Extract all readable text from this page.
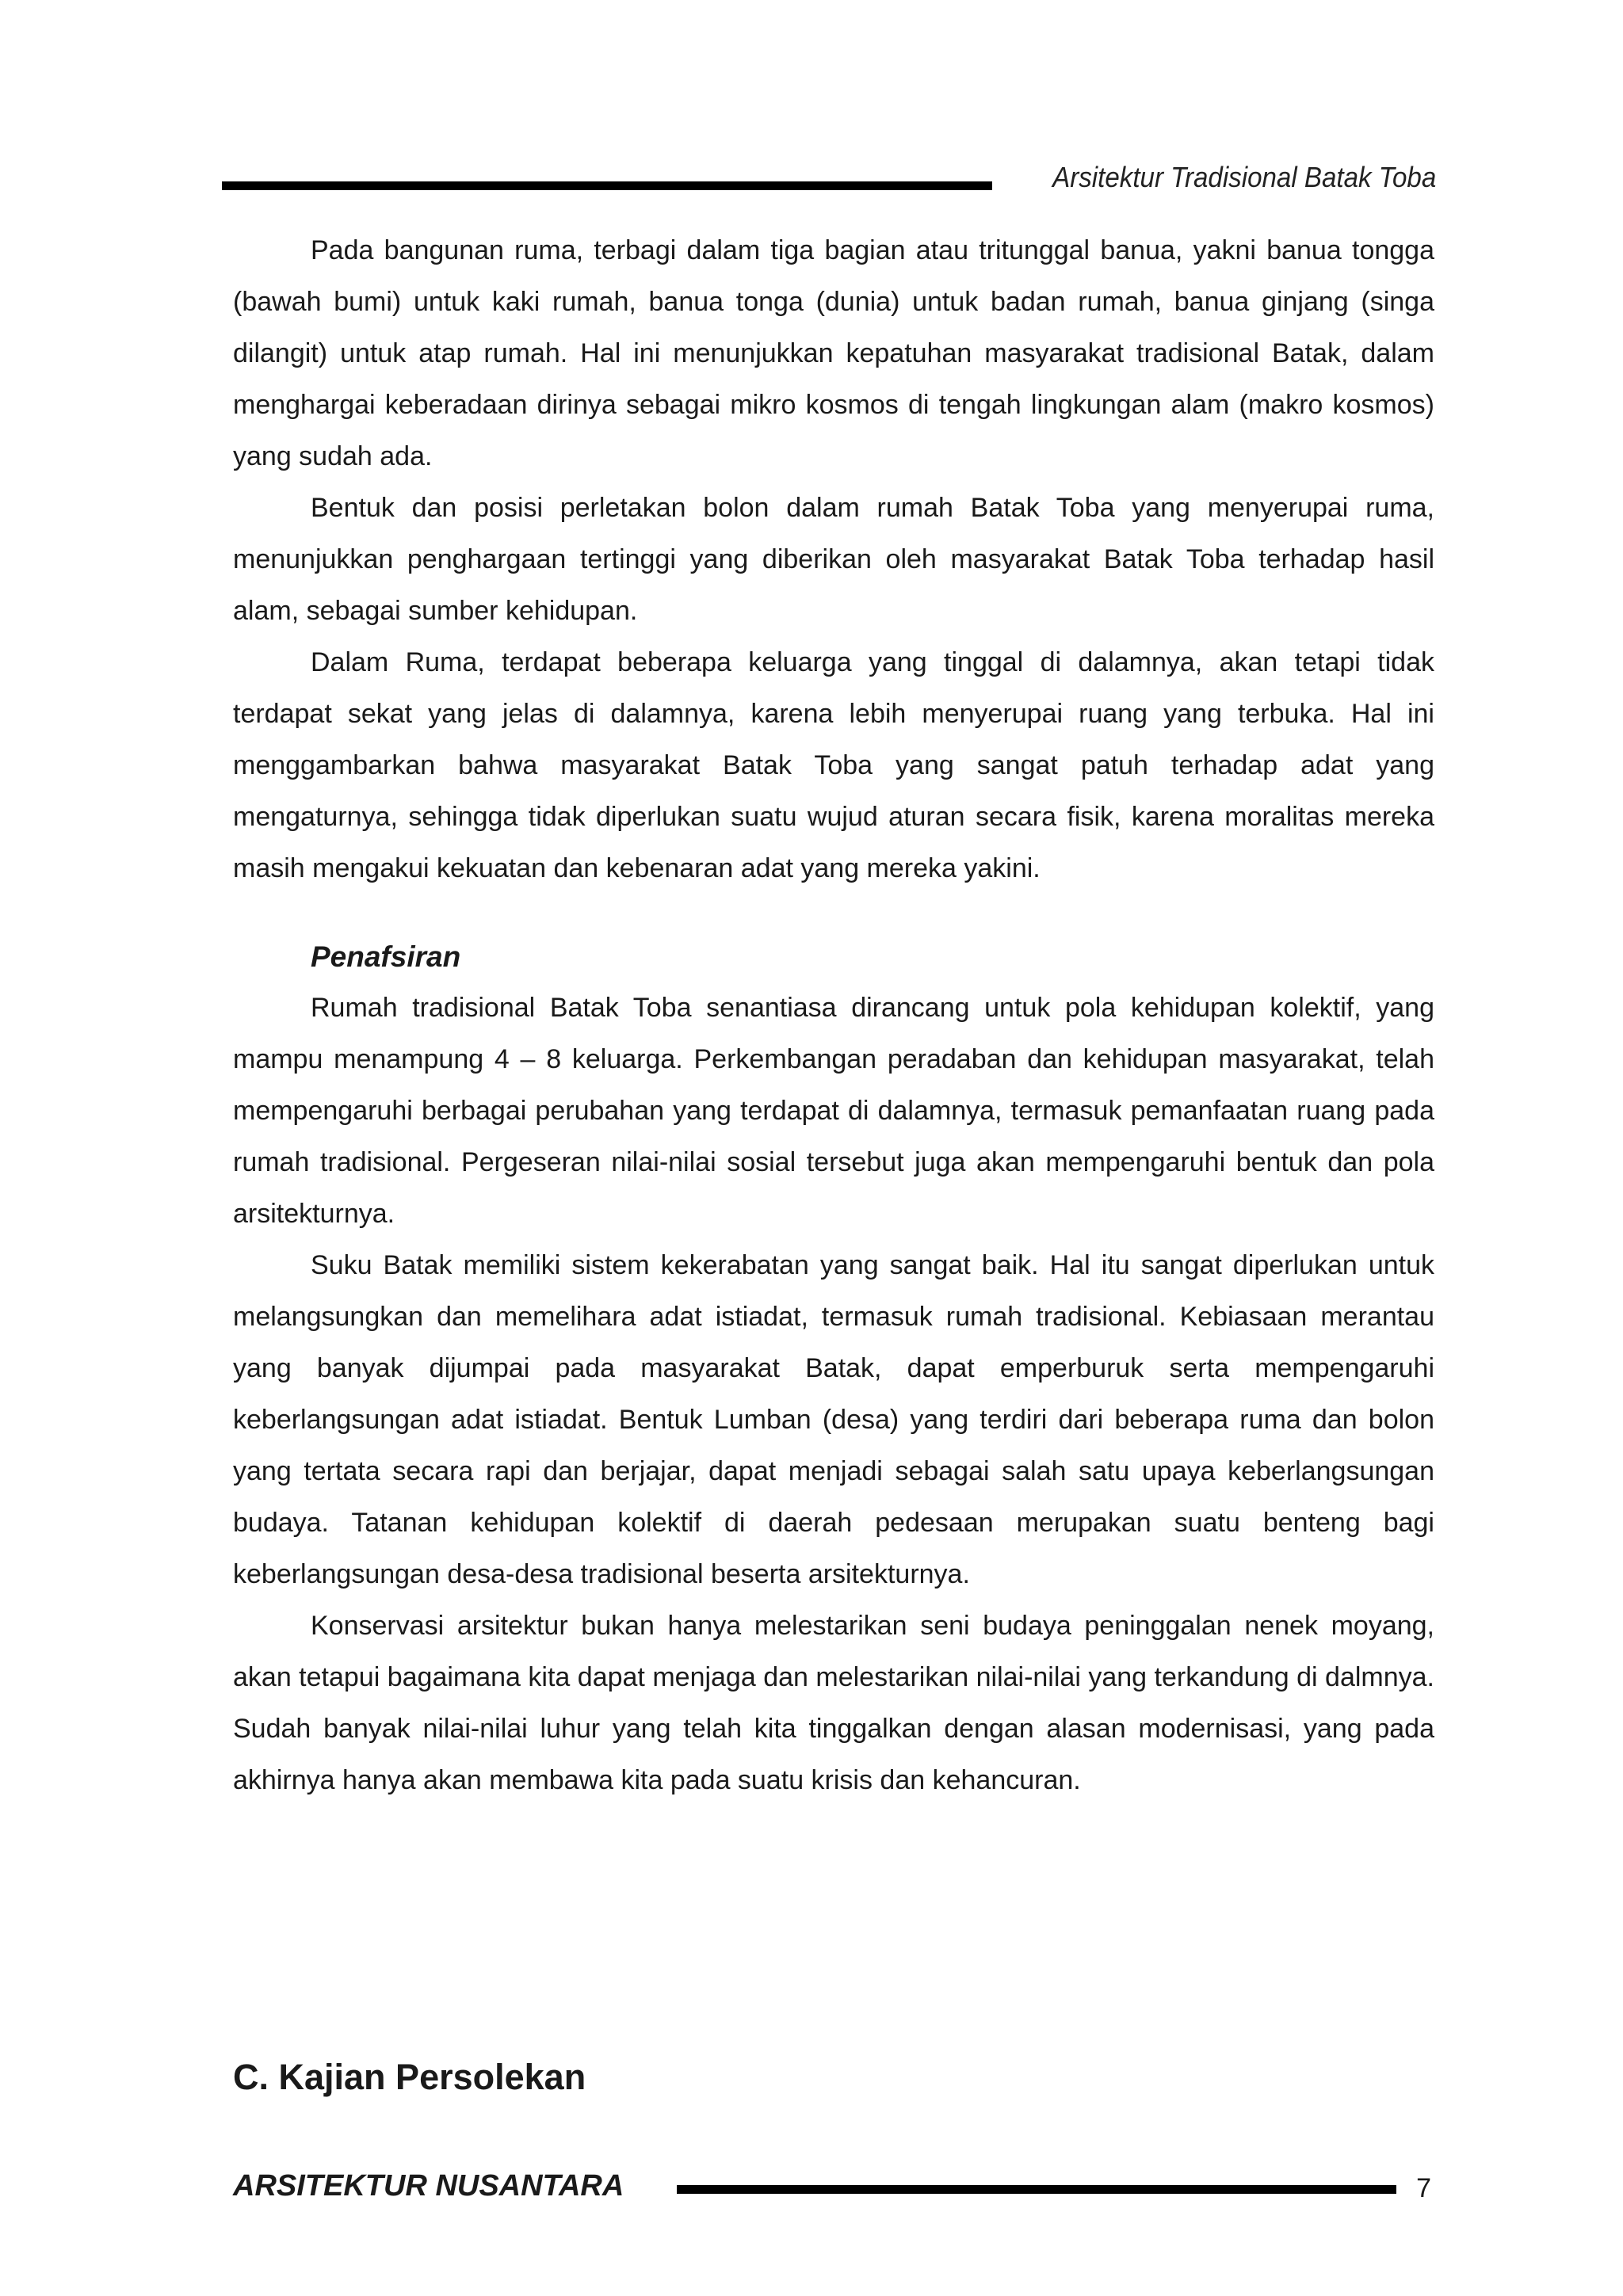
Arsitektur Tradisional Batak Toba

Pada bangunan ruma, terbagi dalam tiga bagian atau tritunggal banua, yakni banua tongga (bawah bumi) untuk kaki rumah, banua tonga (dunia) untuk badan rumah, banua ginjang (singa dilangit) untuk atap rumah. Hal ini menunjukkan kepatuhan masyarakat tradisional Batak, dalam menghargai keberadaan dirinya sebagai mikro kosmos di tengah lingkungan alam (makro kosmos) yang sudah ada.

Bentuk dan posisi perletakan bolon dalam rumah Batak Toba yang menyerupai ruma, menunjukkan penghargaan tertinggi yang diberikan oleh masyarakat Batak Toba terhadap hasil alam, sebagai sumber kehidupan.

Dalam Ruma, terdapat beberapa keluarga yang tinggal di dalamnya, akan tetapi tidak terdapat sekat yang jelas di dalamnya, karena lebih menyerupai ruang yang terbuka. Hal ini menggambarkan bahwa masyarakat Batak Toba yang sangat patuh terhadap adat yang mengaturnya, sehingga tidak diperlukan suatu wujud aturan secara fisik, karena moralitas mereka masih mengakui kekuatan dan kebenaran adat yang mereka yakini.

Penafsiran

Rumah tradisional Batak Toba senantiasa dirancang untuk pola kehidupan kolektif, yang mampu menampung 4 – 8 keluarga. Perkembangan peradaban dan kehidupan masyarakat, telah mempengaruhi berbagai perubahan yang terdapat di dalamnya, termasuk pemanfaatan ruang pada rumah tradisional. Pergeseran nilai-nilai sosial tersebut juga akan mempengaruhi bentuk dan pola arsitekturnya.

Suku Batak memiliki sistem kekerabatan yang sangat baik. Hal itu sangat diperlukan untuk melangsungkan dan memelihara adat istiadat, termasuk rumah tradisional. Kebiasaan merantau yang banyak dijumpai pada masyarakat Batak, dapat emperburuk serta mempengaruhi keberlangsungan adat istiadat. Bentuk Lumban (desa) yang terdiri dari beberapa ruma dan bolon yang tertata secara rapi dan berjajar, dapat menjadi sebagai salah satu upaya keberlangsungan budaya. Tatanan kehidupan kolektif di daerah pedesaan merupakan suatu benteng bagi keberlangsungan desa-desa tradisional beserta arsitekturnya.

Konservasi arsitektur bukan hanya melestarikan seni budaya peninggalan nenek moyang, akan tetapui bagaimana kita dapat menjaga dan melestarikan nilai-nilai yang terkandung di dalmnya. Sudah banyak nilai-nilai luhur yang telah kita tinggalkan dengan alasan modernisasi, yang pada akhirnya hanya akan membawa kita pada suatu krisis dan kehancuran.

C. Kajian Persolekan
ARSITEKTUR NUSANTARA	7
